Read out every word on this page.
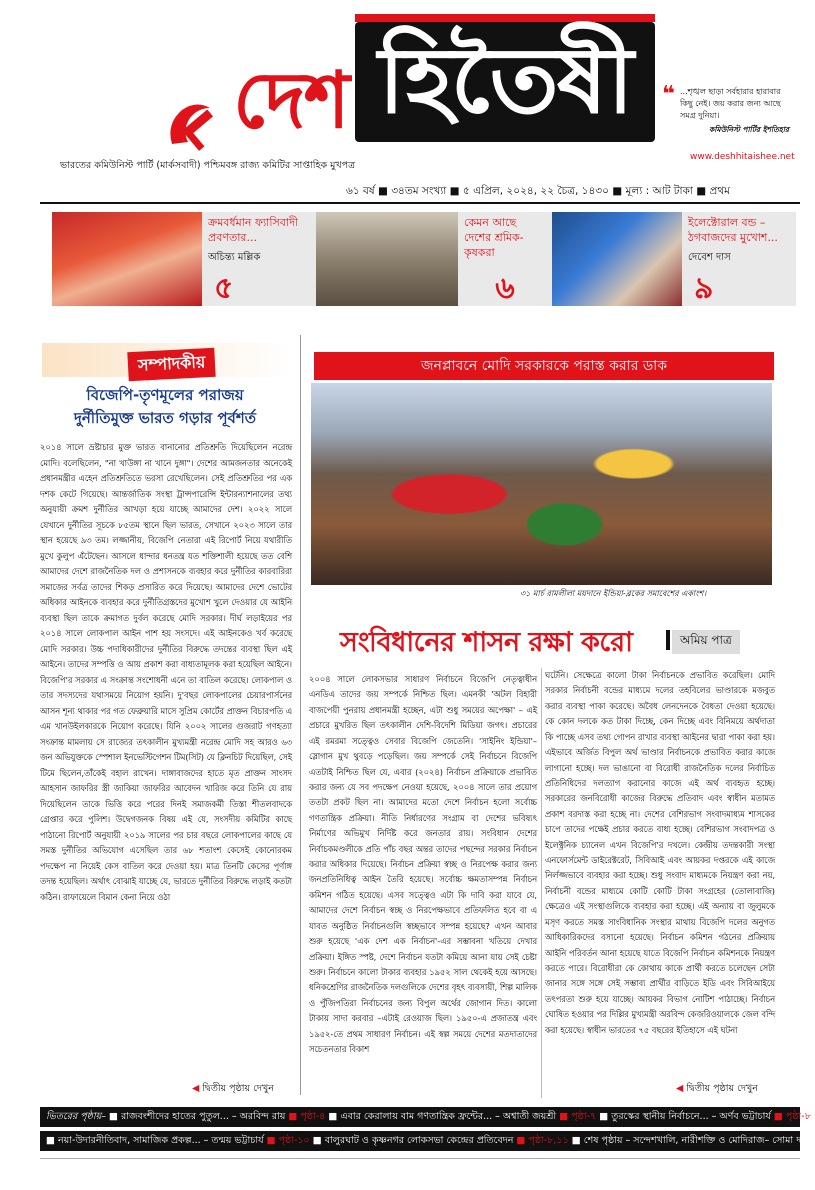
দেশ হিতৈষী	❝ ...শৃঙ্খল ছাড়া সর্বহারার হারাবার কিছু নেই। জয় করার জন্য আছে সমগ্র দুনিয়া।
কমিউনিস্ট পার্টির ইশতিহার
www.deshhitaishee.net
ভারতের কমিউনিস্ট পার্টি (মার্কসবাদী) পশ্চিমবঙ্গ রাজ্য কমিটির সাপ্তাহিক মুখপত্র
৬১ বর্ষ ■ ৩৪তম সংখ্যা ■ ৫ এপ্রিল, ২০২৪, ২২ চৈত্র, ১৪৩০ ■ মূল্য : আট টাকা ■ প্রথম
ক্রমবর্ধমান ফ্যাসিবাদী প্রবণতার...
অচিন্ত্য মল্লিক
৫
কেমন আছে দেশের শ্রমিক-কৃষকরা
৬
ইলেক্টোরাল বন্ড – ঠগবাজদের মুখোশ...
দেবেশ দাস
৯
সম্পাদকীয়
বিজেপি-তৃণমূলের পরাজয়
দুর্নীতিমুক্ত ভারত গড়ার পূর্বশর্ত
২০১৪ সালে ভ্রষ্টাচার মুক্ত ভারত বানানোর প্রতিশ্রুতি দিয়েছিলেন নরেন্দ্র মোদি। বলেছিলেন, "না খাউঙ্গা না খানে দুঙ্গা"। দেশের আমজনতার অনেকেই প্রধানমন্ত্রীর এহেন প্রতিশ্রুতিতে ভরসা রেখেছিলেন। সেই প্রতিশ্রুতির পর এক দশক কেটে গিয়েছে। আন্তর্জাতিক সংস্থা ট্রান্সপারেন্সি ইন্টারন্যাশনালের তথ্য অনুযায়ী ক্রমশ দুর্নীতির আখড়া হয়ে যাচ্ছে আমাদের দেশ। ২০২২ সালে যেখানে দুর্নীতির সূচকে ৮৫তম স্থানে ছিল ভারত, সেখানে ২০২৩ সালে তার স্থান হয়েছে ৯৩ তম। লজ্জানীয়, বিজেপি নেতারা এই রিপোর্ট নিয়ে যথারীতি মুখে কুলুপ এঁটেছেন। আসলে ধান্দার ধনতন্ত্র যত শক্তিশালী হয়েছে তত বেশি আমাদের দেশে রাজনৈতিক দল ও প্রশাসনকে ব্যবহার করে দুর্নীতির কারবারিরা সমাজের সর্বত্র তাদের শিকড় প্রসারিত করে দিয়েছে। আমাদের দেশে ভোটের অধিকার আইনকে ব্যবহার করে দুর্নীতিগ্রস্তদের মুখোশ খুলে দেওয়ার যে আইনি ব্যবস্থা ছিল তাকে ক্রমাগত দুর্বল করেছে মোদি সরকার। দীর্ঘ লড়াইয়ের পর ২০১৪ সালে লোকপাল আইন পাশ হয় সংসদে। এই আইনকেও খর্ব করেছে মোদি সরকার। উচ্চ পদাধিকারীদের দুর্নীতির বিরুদ্ধে তদন্তের ব্যবস্থা ছিল এই আইনে। তাদের সম্পত্তি ও আয় প্রকাশ করা বাধ্যতামূলক করা হয়েছিল আইনে। বিজেপি'র সরকার এ সংক্রান্ত সংশোধনী এনে তা বাতিল করেছে। লোকপাল ও তার সদস্যদের যথাসময়ে নিয়োগ হয়নি। দু'বছর লোকপালের চেয়ারপার্সনের আসন শূন্য থাকার পর গত ফেব্রুয়ারি মাসে সুপ্রিম কোর্টের প্রাক্তন বিচারপতি এ এম খানউইলকারকে নিয়োগ করেছে। যিনি ২০০২ সালের গুজরাট গণহত্যা সংক্রান্ত মামলায় সে রাজ্যের তৎকালীন মুখ্যমন্ত্রী নরেন্দ্র মোদি সহ আরও ৬৩ জন অভিযুক্তকে স্পেশাল ইনভেস্টিগেশন টিম(সিট) যে ক্লিনচিট দিয়েছিল, সেই টিমে ছিলেন,তাঁকেই বহাল রাখেন। দাঙ্গাবাজদের হাতে মৃত প্রাক্তন সাংসদ আহসান জাফরির স্ত্রী জাকিয়া জাফরির আবেদন খারিজ করে তিনি যে রায় দিয়েছিলেন তাকে ভিত্তি করে পরের দিনই সমাজকর্মী তিস্তা শীতলবাদকে গ্রেপ্তার করে পুলিশ। উদ্বেগজনক বিষয় এই যে, সংসদীয় কমিটির কাছে পাঠানো রিপোর্ট অনুযায়ী ২০১৯ সালের পর চার বছরে লোকপালের কাছে যে সমস্ত দুর্নীতির অভিযোগ এসেছিল তার ৬৮ শতাংশ কেসেই কোনোরকম পদক্ষেপ না নিয়েই কেস বাতিল করে দেওয়া হয়। মাত্র তিনটি কেসের পূর্ণাঙ্গ তদন্ত হয়েছিল। অর্থাৎ বোঝাই যাচ্ছে যে, ভারতে দুর্নীতির বিরুদ্ধে লড়াই কতটা কঠিন। রাফায়েলে বিমান কেনা নিয়ে ওঠা
◀ দ্বিতীয় পৃষ্ঠায় দেখুন
জনপ্লাবনে মোদি সরকারকে পরাস্ত করার ডাক
৩১ মার্চ রামলীলা ময়দানে ইন্ডিয়া-ব্লকের সমাবেশের একাংশ।
সংবিধানের শাসন রক্ষা করো	অমিয় পাত্র
২০০৪ সালে লোকসভার সাধারণ নির্বাচনে বিজেপি নেতৃত্বাধীন এনডিএ তাদের জয় সম্পর্কে নিশ্চিত ছিল। এমনকী 'অটল বিহারী বাজপেয়ী পুনরায় প্রধানমন্ত্রী হচ্ছেন, এটা শুধু সময়ের অপেক্ষা' – এই প্রচারে মুখরিত ছিল তৎকালীন দেশি-বিদেশি মিডিয়া জগৎ। প্রচারের এই রমরমা সত্ত্বেও সেবার বিজেপি জেতেনি। 'সাইনিং ইন্ডিয়া'– স্লোগান মুখ থুবড়ে পড়েছিল। জয় সম্পর্কে সেই নির্বাচনে বিজেপি এতটাই নিশ্চিত ছিল যে, এবার (২০২৪) নির্বাচন প্রক্রিয়াকে প্রভাবিত করার জন্য যে সব পদক্ষেপ নেওয়া হয়েছে, ২০০৪ সালে তার প্রয়োগ ততটা প্রকট ছিল না। আমাদের মতো দেশে নির্বাচন হলো সর্বোচ্চ গণতান্ত্রিক প্রক্রিয়া। নীতি নির্ধারণের সংগ্রাম বা দেশের ভবিষ্যৎ নির্মাণের অভিমুখ নির্দিষ্ট করে জনতার রায়। সংবিধান দেশের নির্বাচকমণ্ডলীকে প্রতি পাঁচ বছর অন্তর তাদের পছন্দের সরকার নির্বাচন করার অধিকার দিয়েছে। নির্বাচন প্রক্রিয়া স্বচ্ছ ও নিরপেক্ষ করার জন্য জনপ্রতিনিধিত্ব আইন তৈরি হয়েছে। সর্বোচ্চ ক্ষমতাসম্পন্ন নির্বাচন কমিশন গঠিত হয়েছে। এসব সত্ত্বেও এটা কি দাবি করা যাবে যে, আমাদের দেশে নির্বাচন স্বচ্ছ ও নিরপেক্ষভাবে প্রতিফলিত হবে বা এ যাবত অনুষ্ঠিত নির্বাচনগুলি স্বচ্ছভাবে সম্পন্ন হয়েছে? এখন আবার শুরু হয়েছে 'এক দেশ এক নির্বাচন'-এর সম্ভাবনা খতিয়ে দেখার প্রক্রিয়া। ইঙ্গিত স্পষ্ট, দেশে নির্বাচন যতটা কমিয়ে আনা যায় সেই চেষ্টা শুরু। নির্বাচনে কালো টাকার ব্যবহার ১৯৫২ সাল থেকেই হয়ে আসছে। ধনিকশ্রেণির রাজনৈতিক দলগুলিকে দেশের বৃহৎ ব্যবসায়ী, শিল্প মালিক ও পুঁজিপতিরা নির্বাচনের জন্য বিপুল অর্থের জোগান দিত। কালো টাকায় সাদা করবার –এটাই রেওয়াজ ছিল। ১৯৫০-এ প্রজাতন্ত্র এবং ১৯৫২-তে প্রথম সাধারণ নির্বাচন। এই স্বল্প সময়ে দেশের মতদাতাদের সচেতনতার বিকাশ
ঘটেনি। সেক্ষেত্রে কালো টাকা নির্বাচনকে প্রভাবিত করেছিল। মোদি সরকার নির্বাচনী বন্ডের মাধ্যমে দলের তহবিলের ভাণ্ডারকে মজবুত করার ব্যবস্থা পাকা করেছে। অবৈধ লেনদেনকে বৈধতা দেওয়া হয়েছে। কে কোন দলকে কত টাকা দিচ্ছে, কেন দিচ্ছে এবং বিনিময়ে অর্থদাতা কি পাচ্ছে এসব তথ্য গোপন রাখার ব্যবস্থা আইনের দ্বারা পাকা করা হয়। এইভাবে অর্জিত বিপুল অর্থ ভাণ্ডার নির্বাচনকে প্রভাবিত করার কাজে লাগানো হচ্ছে। দল ভাঙানো বা বিরোধী রাজনৈতিক দলের নির্বাচিত প্রতিনিধিদের দলত্যাগ করানোর কাজে এই অর্থ ব্যবহৃত হচ্ছে। সরকারের জনবিরোধী কাজের বিরুদ্ধে প্রতিবাদ এবং স্বাধীন মতামত প্রকাশ বরদাস্ত করা হচ্ছে না। দেশের বেশিরভাগ সংবাদমাধ্যম শাসকের চাপে তাদের পক্ষেই প্রচার করতে বাধ্য হচ্ছে। বেশিরভাগ সংবাদপত্র ও ইলেক্ট্রনিক চ্যানেল এখন বিজেপি'র দখলে। কেন্দ্রীয় তদন্তকারী সংস্থা এনফোর্সমেন্ট ডাইরেক্টরেট, সিবিআই এবং আয়কর দপ্তরকে এই কাজে নির্লজ্জভাবে ব্যবহার করা হচ্ছে। শুধু সংবাদ মাধ্যমকে নিয়ন্ত্রণ করা নয়, নির্বাচনী বন্ডের মাধ্যমে কোটি কোটি টাকা সংগ্রহের (তোলাবাজি) ক্ষেত্রেও এই সংস্থাগুলিকে ব্যবহার করা হচ্ছে। এই অন্যায় বা জুলুমকে মসৃণ করতে সমস্ত সাংবিধানিক সংস্থার মাথায় বিজেপি দলের অনুগত আধিকারিকদের বসানো হয়েছে। নির্বাচন কমিশন গঠনের প্রক্রিয়ায় আইনি পরিবর্তন আনা হয়েছে যাতে বিজেপি নির্বাচন কমিশনকে নিয়ন্ত্রণ করতে পারে। বিরোধীরা কে কোথায় কাকে প্রার্থী করতে চলেছেন সেটা জানার সঙ্গে সঙ্গে সেই সম্ভাব্য প্রার্থীর বাড়িতে ইডি এবং সিবিআইয়ে তৎপরতা শুরু হয়ে যাচ্ছে। আয়কর বিভাগ নোটিশ পাঠাচ্ছে। নির্বাচন ঘোষিত হওয়ার পর দিল্লির মুখ্যমন্ত্রী অরবিন্দ কেজরিওয়ালকে জেল বন্দি করা হয়েছে। স্বাধীন ভারতের ৭৫ বছরের ইতিহাসে এই ঘটনা
◀ দ্বিতীয় পৃষ্ঠায় দেখুন
ভিতরের পৃষ্ঠায়– ■ রাজবংশীদের হাতের পুতুল... – অরবিন্দ রায় ■ পৃষ্ঠা-৪ ■ এবার কেরালায় বাম গণতান্ত্রিক ফ্রন্টের... – অশ্বাতী জয়শ্রী ■ পৃষ্ঠা-৭ ■ তুরস্কের স্থানীয় নির্বাচনে... – অর্ণব ভট্টাচার্য ■ পৃষ্ঠা-৮
■ নয়া-উদারনীতিবাদ, সামাজিক প্রকল্প... – তন্ময় ভট্টাচার্য ■ পৃষ্ঠা-১০ ■ বালুরঘাট ও কৃষ্ণনগর লোকসভা কেন্দ্রের প্রতিবেদন ■ পৃষ্ঠা-৮,১১ ■ শেষ পৃষ্ঠায় – সন্দেশখালি, নারীশক্তি ও মোদিরাজ– সোমা দাশ
